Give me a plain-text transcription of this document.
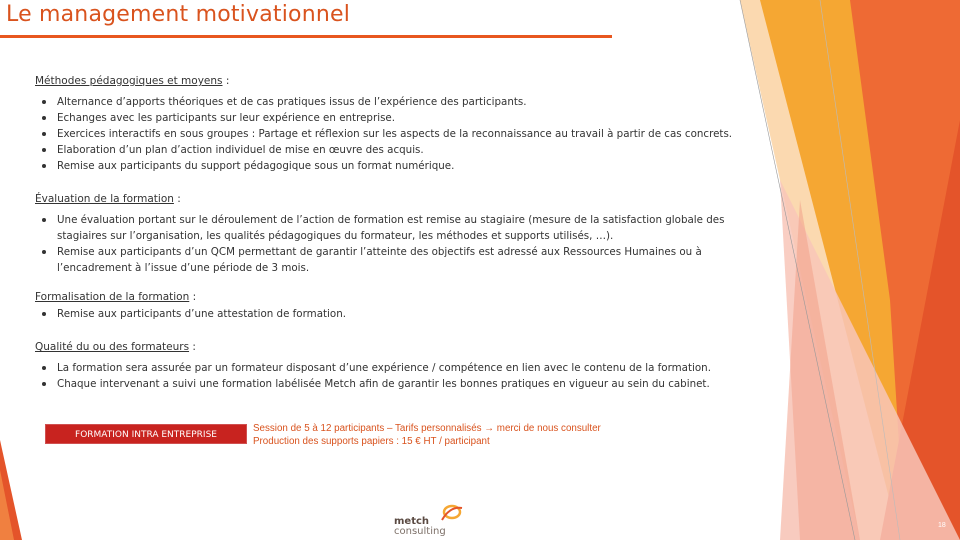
Le management motivationnel
Méthodes pédagogiques et moyens :
Alternance d’apports théoriques et de cas pratiques issus de l’expérience des participants.
Echanges avec les participants sur leur expérience en entreprise.
Exercices interactifs en sous groupes : Partage et réflexion sur les aspects de la reconnaissance au travail à partir de cas concrets.
Elaboration d’un plan d’action individuel de mise en œuvre des acquis.
Remise aux participants du support pédagogique sous un format numérique.
Évaluation de la formation :
Une évaluation portant sur le déroulement de l’action de formation est remise au stagiaire (mesure de la satisfaction globale des stagiaires sur l’organisation, les qualités pédagogiques du formateur, les méthodes et supports utilisés, …).
Remise aux participants d’un QCM permettant de garantir l’atteinte des objectifs est adressé aux Ressources Humaines ou à l’encadrement à l’issue d’une période de 3 mois.
Formalisation de la formation :
Remise aux participants d’une attestation de formation.
Qualité du ou des formateurs :
La formation sera assurée par un formateur disposant d’une expérience / compétence en lien avec le contenu de la formation.
Chaque intervenant a suivi une formation labélisée Metch afin de garantir les bonnes pratiques en vigueur au sein du cabinet.
FORMATION INTRA ENTREPRISE
Session de 5 à 12 participants – Tarifs personnalisés → merci de nous consulter
Production des supports papiers : 15 € HT / participant
metch
consulting
18
